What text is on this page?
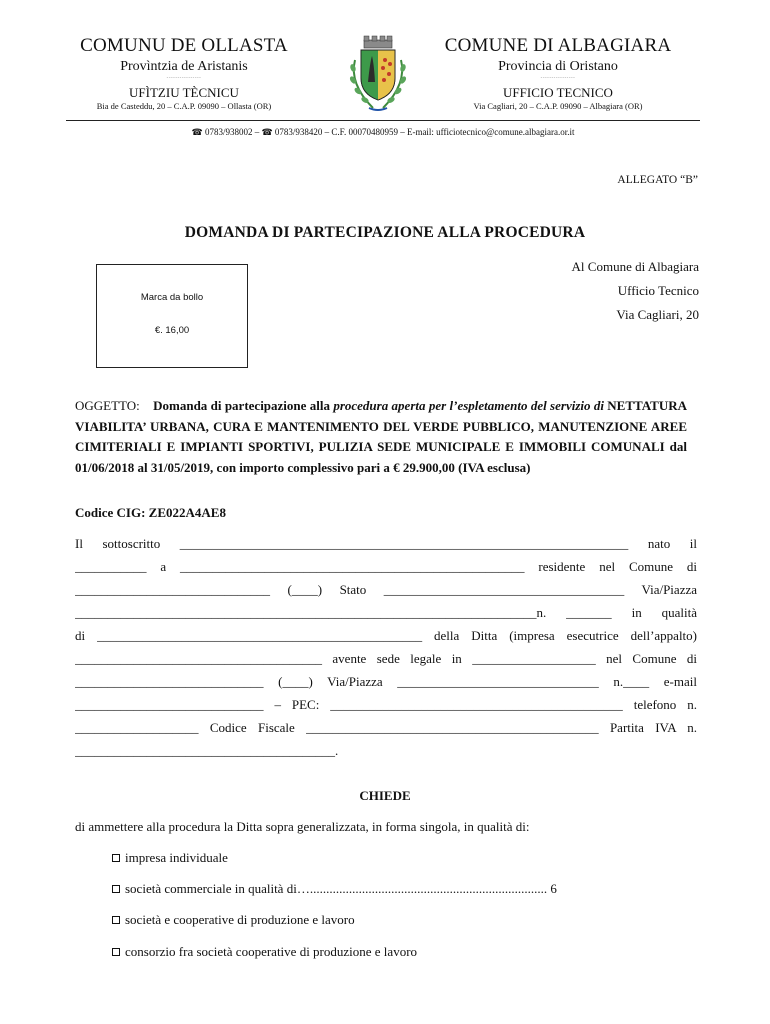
COMUNU DE OLLASTA
Provìntzia de Aristanis
----------------
UFÌTZIU TÈCNICU
Bia de Casteddu, 20 – C.A.P. 09090 – Ollasta (OR)
COMUNE DI ALBAGIARA
Provincia di Oristano
----------------
UFFICIO TECNICO
Via Cagliari, 20 – C.A.P. 09090 – Albagiara (OR)
☎ 0783/938002 – ☎ 0783/938420 – C.F. 00070480959 – E-mail: ufficiotecnico@comune.albagiara.or.it
ALLEGATO “B”
DOMANDA DI PARTECIPAZIONE ALLA PROCEDURA
Marca da bollo
€. 16,00
Al Comune di Albagiara
Ufficio Tecnico
Via Cagliari, 20
OGGETTO: Domanda di partecipazione alla procedura aperta per l’espletamento del servizio di NETTATURA VIABILITA’ URBANA, CURA E MANTENIMENTO DEL VERDE PUBBLICO, MANUTENZIONE AREE CIMITERIALI E IMPIANTI SPORTIVI, PULIZIA SEDE MUNICIPALE E IMMOBILI COMUNALI dal 01/06/2018 al 31/05/2019, con importo complessivo pari a € 29.900,00 (IVA esclusa)
Codice CIG: ZE022A4AE8
Il sottoscritto _____________________________________________________________________ nato il
___________ a _____________________________________________________ residente nel Comune di
______________________________ (____) Stato _____________________________________ Via/Piazza
_______________________________________________________________________n. _______ in qualità
di __________________________________________________ della Ditta (impresa esecutrice dell’appalto)
______________________________________ avente sede legale in ___________________ nel Comune di
_____________________________ (____) Via/Piazza _______________________________ n.____ e-mail
_____________________________ – PEC: _____________________________________________ telefono n.
___________________ Codice Fiscale _____________________________________________ Partita IVA n.
________________________________________.
CHIEDE
di ammettere alla procedura la Ditta sopra generalizzata, in forma singola, in qualità di:
impresa individuale
società commerciale in qualità di…......................................................................... 6
società e cooperative di produzione e lavoro
consorzio fra società cooperative di produzione e lavoro
